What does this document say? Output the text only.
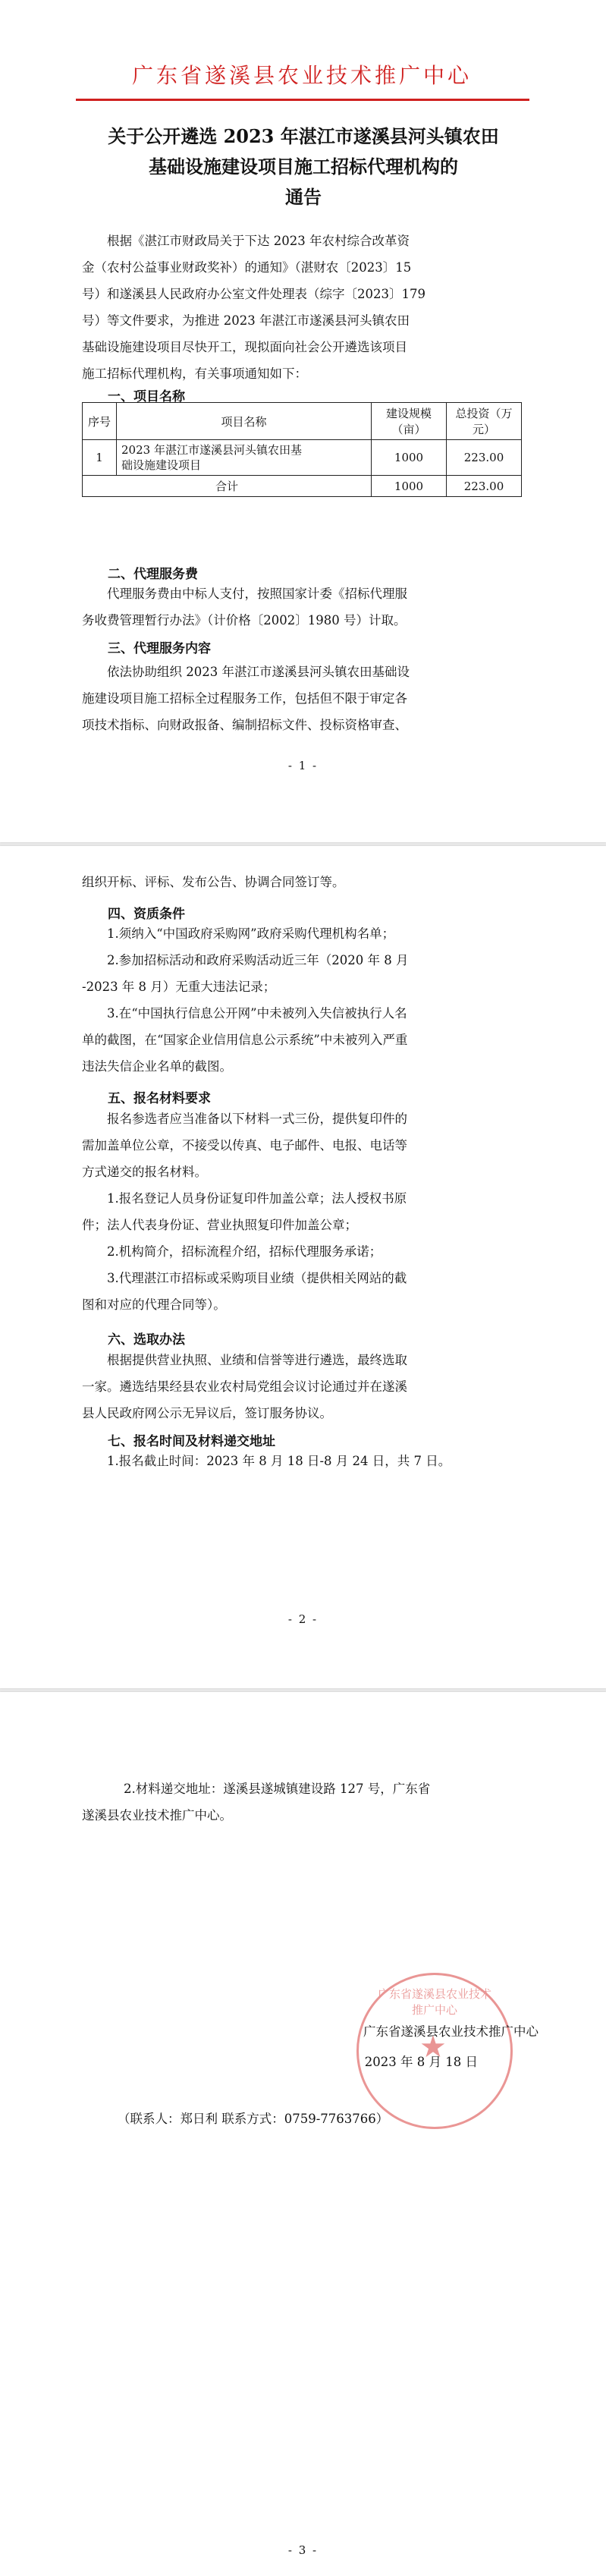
广东省遂溪县农业技术推广中心
关于公开遴选 2023 年湛江市遂溪县河头镇农田
基础设施建设项目施工招标代理机构的
通告
根据《湛江市财政局关于下达 2023 年农村综合改革资
金（农村公益事业财政奖补）的通知》（湛财农〔2023〕15
号）和遂溪县人民政府办公室文件处理表（综字〔2023〕179
号）等文件要求，为推进 2023 年湛江市遂溪县河头镇农田
基础设施建设项目尽快开工，现拟面向社会公开遴选该项目
施工招标代理机构，有关事项通知如下：
一、项目名称
序号	项目名称	建设规模（亩）	总投资（万元）
1	2023 年湛江市遂溪县河头镇农田基
础设施建设项目	1000	223.00
合计		1000	223.00
二、代理服务费
代理服务费由中标人支付，按照国家计委《招标代理服
务收费管理暂行办法》（计价格〔2002〕1980 号）计取。
三、代理服务内容
依法协助组织 2023 年湛江市遂溪县河头镇农田基础设
施建设项目施工招标全过程服务工作，包括但不限于审定各
项技术指标、向财政报备、编制招标文件、投标资格审查、
- 1 -
组织开标、评标、发布公告、协调合同签订等。
四、资质条件
1.须纳入“中国政府采购网”政府采购代理机构名单；
2.参加招标活动和政府采购活动近三年（2020 年 8 月
-2023 年 8 月）无重大违法记录；
3.在“中国执行信息公开网”中未被列入失信被执行人名
单的截图，在“国家企业信用信息公示系统”中未被列入严重
违法失信企业名单的截图。
五、报名材料要求
报名参选者应当准备以下材料一式三份，提供复印件的
需加盖单位公章，不接受以传真、电子邮件、电报、电话等
方式递交的报名材料。
1.报名登记人员身份证复印件加盖公章；法人授权书原
件；法人代表身份证、营业执照复印件加盖公章；
2.机构简介，招标流程介绍，招标代理服务承诺；
3.代理湛江市招标或采购项目业绩（提供相关网站的截
图和对应的代理合同等）。
六、选取办法
根据提供营业执照、业绩和信誉等进行遴选，最终选取
一家。遴选结果经县农业农村局党组会议讨论通过并在遂溪
县人民政府网公示无异议后，签订服务协议。
七、报名时间及材料递交地址
1.报名截止时间：2023 年 8 月 18 日-8 月 24 日，共 7 日。
- 2 -
2.材料递交地址：遂溪县遂城镇建设路 127 号，广东省
遂溪县农业技术推广中心。
广东省遂溪县农业技术推广中心
★
广东省遂溪县农业技术推广中心
2023 年 8 月 18 日
（联系人：郑日利 联系方式：0759-7763766）
- 3 -
